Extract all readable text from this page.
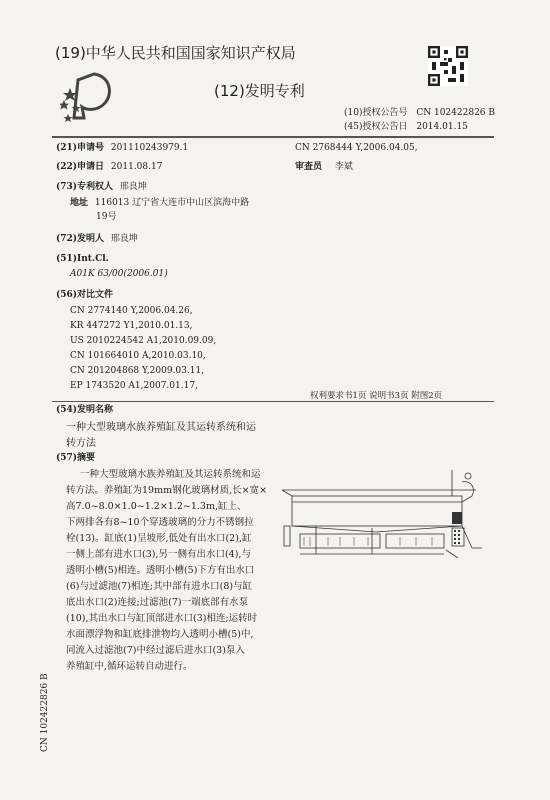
(19)中华人民共和国国家知识产权局
(12)发明专利
(10)授权公告号 CN 102422826 B
(45)授权公告日 2014.01.15
(21)申请号 201110243979.1
(22)申请日 2011.08.17
(73)专利权人 邢良坤
地址 116013 辽宁省大连市中山区滨海中路
19号
(72)发明人 邢良坤
(51)Int.Cl.
A01K 63/00(2006.01)
(56)对比文件
CN 2774140 Y,2006.04.26,
KR 447272 Y1,2010.01.13,
US 2010224542 A1,2010.09.09,
CN 101664010 A,2010.03.10,
CN 201204868 Y,2009.03.11,
EP 1743520 A1,2007.01.17,
CN 2768444 Y,2006.04.05,
审查员 李斌
权利要求书1页 说明书3页 附图2页
(54)发明名称
一种大型玻璃水族养殖缸及其运转系统和运
转方法
(57)摘要
一种大型玻璃水族养殖缸及其运转系统和运
转方法。养殖缸为19mm钢化玻璃材质,长×宽×
高7.0~8.0×1.0~1.2×1.2~1.3m,缸上、
下两排各有8~10个穿透玻璃的分力不锈钢拉
栓(13)。缸底(1)呈坡形,低处有出水口(2),缸
一侧上部有进水口(3),另一侧有出水口(4),与
透明小槽(5)相连。透明小槽(5)下方有出水口
(6)与过滤池(7)相连;其中部有进水口(8)与缸
底出水口(2)连接;过滤池(7)一端底部有水泵
(10),其出水口与缸顶部进水口(3)相连;运转时
水面漂浮物和缸底排泄物均入透明小槽(5)中,
同流入过滤池(7)中经过滤后进水口(3)泵入
养殖缸中,循环运转自动进行。
CN 102422826 B
